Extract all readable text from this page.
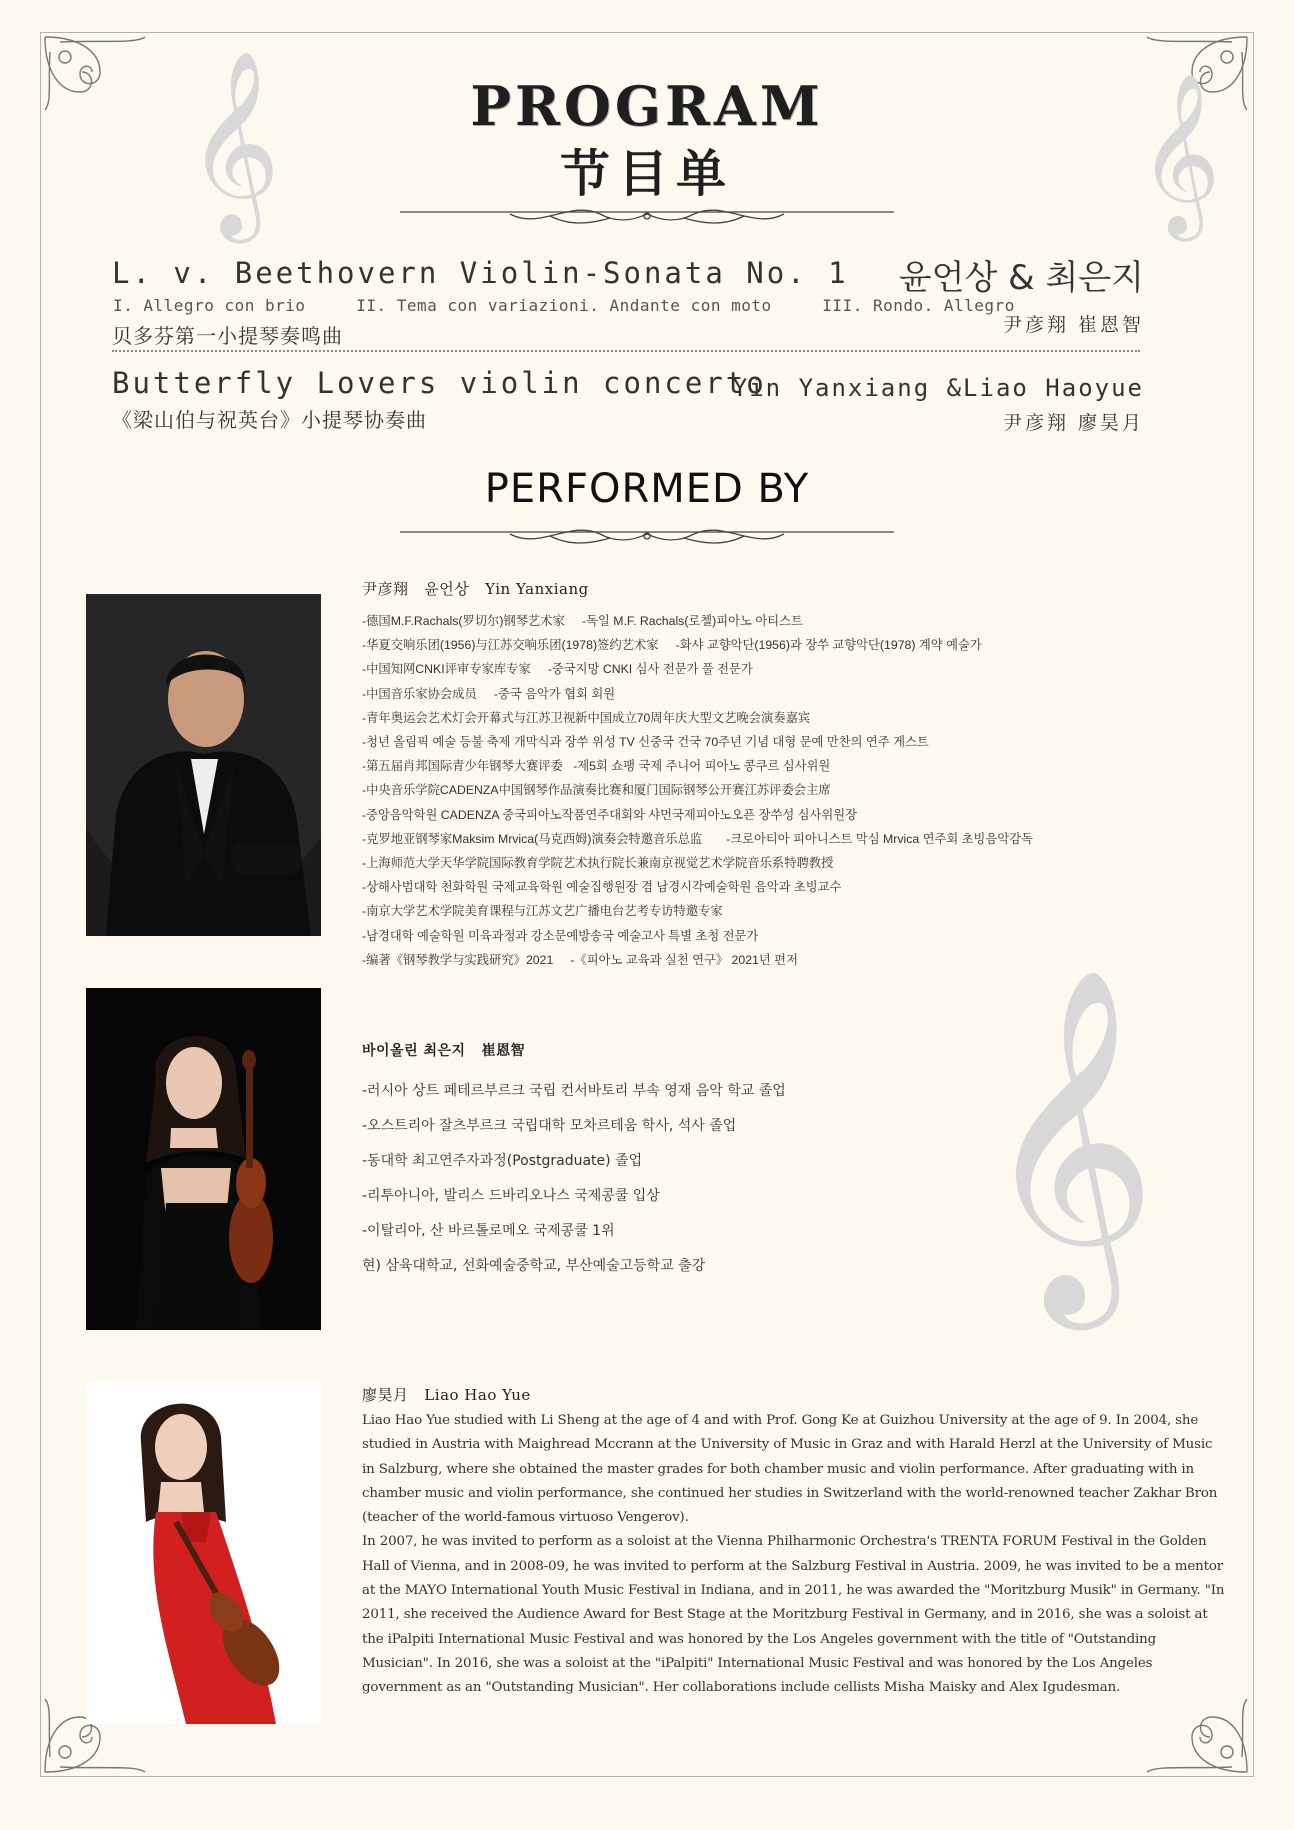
𝄞	𝄞
𝄞
PROGRAM
节目单
L. v. Beethovern Violin-Sonata No. 1
I. Allegro con brio     II. Tema con variazioni. Andante con moto     III. Rondo. Allegro
贝多芬第一小提琴奏鸣曲
윤언상 & 최은지
尹彦翔 崔恩智
Butterfly Lovers violin concerto
《梁山伯与祝英台》小提琴协奏曲
Yin Yanxiang &Liao Haoyue
尹彦翔 廖昊月
PERFORMED BY
尹彦翔   윤언상   Yin Yanxiang
-德国M.F.Rachals(罗切尔)钢琴艺术家     -독일 M.F. Rachals(로첼)피아노 아티스트
-华夏交响乐团(1956)与江苏交响乐团(1978)签约艺术家     -화샤 교향악단(1956)과 장쑤 교향악단(1978) 계약 예술가
-中国知网CNKI评审专家库专家     -중국지망 CNKI 심사 전문가 풀 전문가
-中国音乐家协会成员     -중국 음악가 협회 회원
-青年奥运会艺术灯会开幕式与江苏卫视新中国成立70周年庆大型文艺晚会演奏嘉宾
-청년 올림픽 예술 등불 축제 개막식과 장쑤 위성 TV 신중국 건국 70주년 기념 대형 문예 만찬의 연주 게스트
-第五届肖邦国际青少年钢琴大赛评委   -제5회 쇼팽 국제 주니어 피아노 콩쿠르 심사위원
-中央音乐学院CADENZA中国钢琴作品演奏比赛和厦门国际钢琴公开赛江苏评委会主席
-중앙음악학원 CADENZA 중국피아노작품연주대회와 샤먼국제피아노오픈 장쑤성 심사위원장
-克罗地亚钢琴家Maksim Mrvica(马克西姆)演奏会特邀音乐总监       -크로아티아 피아니스트 막심 Mrvica 연주회 초빙음악감독
-上海师范大学天华学院国际教育学院艺术执行院长兼南京视觉艺术学院音乐系特聘教授
-상해사범대학 천화학원 국제교육학원 예술집행원장 겸 남경시각예술학원 음악과 초빙교수
-南京大学艺术学院美育课程与江苏文艺广播电台艺考专访特邀专家
-남경대학 예술학원 미육과정과 강소문예방송국 예술고사 특별 초청 전문가
-编著《钢琴教学与实践研究》2021     -《피아노 교육과 실천 연구》 2021년 편저
바이올린 최은지   崔恩智
-러시아 상트 페테르부르크 국립 컨서바토리 부속 영재 음악 학교 졸업
-오스트리아 잘츠부르크 국립대학 모차르테움 학사, 석사 졸업
-동대학 최고연주자과정(Postgraduate) 졸업
-리투아니아, 발리스 드바리오나스 국제콩쿨 입상
-이탈리아, 산 바르톨로메오 국제콩쿨 1위
현) 삼육대학교, 선화예술중학교, 부산예술고등학교 출강
廖昊月   Liao Hao Yue

Liao Hao Yue studied with Li Sheng at the age of 4 and with Prof. Gong Ke at Guizhou University at the age of 9. In 2004, she studied in Austria with Maighread Mccrann at the University of Music in Graz and with Harald Herzl at the University of Music in Salzburg, where she obtained the master grades for both chamber music and violin performance. After graduating with in chamber music and violin performance, she continued her studies in Switzerland with the world-renowned teacher Zakhar Bron (teacher of the world-famous virtuoso Vengerov).

In 2007, he was invited to perform as a soloist at the Vienna Philharmonic Orchestra's TRENTA FORUM Festival in the Golden Hall of Vienna, and in 2008-09, he was invited to perform at the Salzburg Festival in Austria. 2009, he was invited to be a mentor at the MAYO International Youth Music Festival in Indiana, and in 2011, he was awarded the "Moritzburg Musik" in Germany. "In 2011, she received the Audience Award for Best Stage at the Moritzburg Festival in Germany, and in 2016, she was a soloist at the iPalpiti International Music Festival and was honored by the Los Angeles government with the title of "Outstanding Musician". In 2016, she was a soloist at the "iPalpiti" International Music Festival and was honored by the Los Angeles government as an "Outstanding Musician". Her collaborations include cellists Misha Maisky and Alex Igudesman.
